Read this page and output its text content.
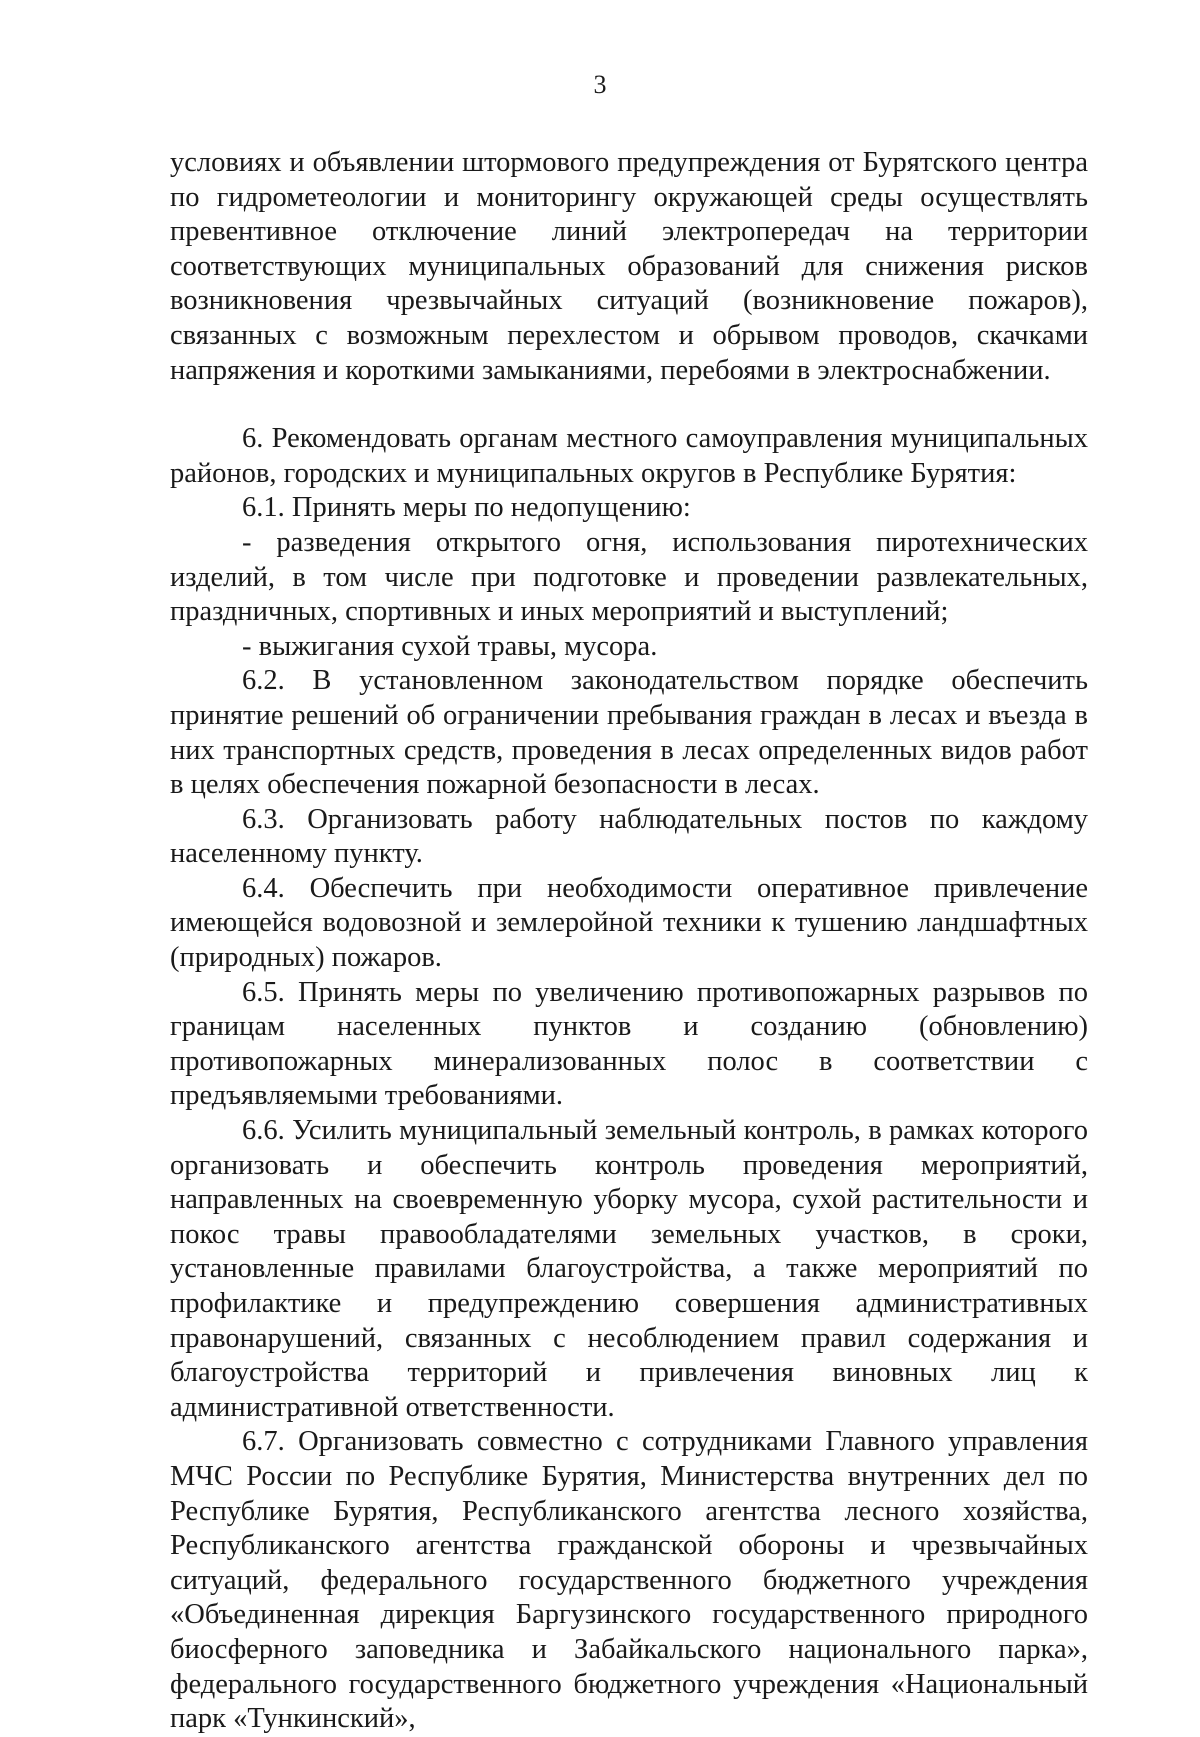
3

условиях и объявлении штормового предупреждения от Бурятского центра по гидрометеологии и мониторингу окружающей среды осуществлять превентивное отключение линий электропередач на территории соответствующих муниципальных образований для снижения рисков возникновения чрезвычайных ситуаций (возникновение пожаров), связанных с возможным перехлестом и обрывом проводов, скачками напряжения и короткими замыканиями, перебоями в электроснабжении.

6. Рекомендовать органам местного самоуправления муниципальных районов, городских и муниципальных округов в Республике Бурятия:

6.1. Принять меры по недопущению:

- разведения открытого огня, использования пиротехнических изделий, в том числе при подготовке и проведении развлекательных, праздничных, спортивных и иных мероприятий и выступлений;

- выжигания сухой травы, мусора.

6.2. В установленном законодательством порядке обеспечить принятие решений об ограничении пребывания граждан в лесах и въезда в них транспортных средств, проведения в лесах определенных видов работ в целях обеспечения пожарной безопасности в лесах.

6.3. Организовать работу наблюдательных постов по каждому населенному пункту.

6.4. Обеспечить при необходимости оперативное привлечение имеющейся водовозной и землеройной техники к тушению ландшафтных (природных) пожаров.

6.5. Принять меры по увеличению противопожарных разрывов по границам населенных пунктов и созданию (обновлению) противопожарных минерализованных полос в соответствии с предъявляемыми требованиями.

6.6. Усилить муниципальный земельный контроль, в рамках которого организовать и обеспечить контроль проведения мероприятий, направленных на своевременную уборку мусора, сухой растительности и покос травы правообладателями земельных участков, в сроки, установленные правилами благоустройства, а также мероприятий по профилактике и предупреждению совершения административных правонарушений, связанных с несоблюдением правил содержания и благоустройства территорий и привлечения виновных лиц к административной ответственности.

6.7. Организовать совместно с сотрудниками Главного управления МЧС России по Республике Бурятия, Министерства внутренних дел по Республике Бурятия, Республиканского агентства лесного хозяйства, Республиканского агентства гражданской обороны и чрезвычайных ситуаций, федерального государственного бюджетного учреждения «Объединенная дирекция Баргузинского государственного природного биосферного заповедника и Забайкальского национального парка», федерального государственного бюджетного учреждения «Национальный парк «Тункинский»,
